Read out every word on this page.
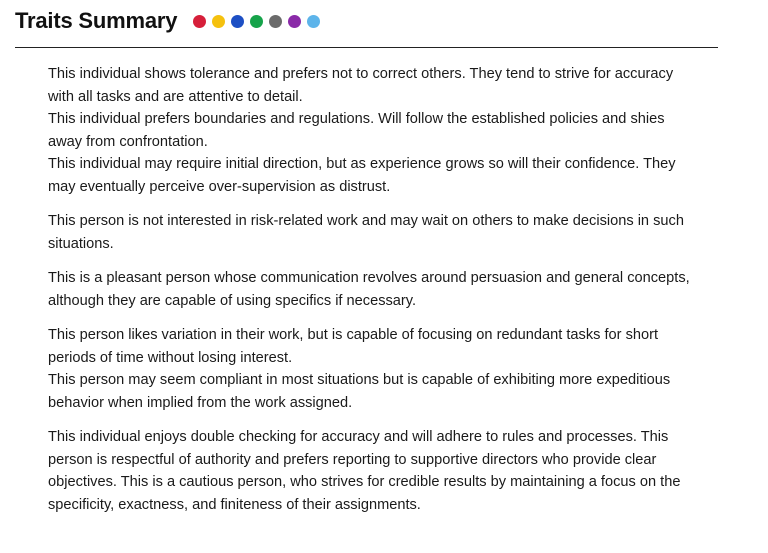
Traits Summary

This individual shows tolerance and prefers not to correct others. They tend to strive for accuracy with all tasks and are attentive to detail.
This individual prefers boundaries and regulations. Will follow the established policies and shies away from confrontation.
This individual may require initial direction, but as experience grows so will their confidence. They may eventually perceive over-supervision as distrust.

This person is not interested in risk-related work and may wait on others to make decisions in such situations.

This is a pleasant person whose communication revolves around persuasion and general concepts, although they are capable of using specifics if necessary.

This person likes variation in their work, but is capable of focusing on redundant tasks for short periods of time without losing interest.
This person may seem compliant in most situations but is capable of exhibiting more expeditious behavior when implied from the work assigned.

This individual enjoys double checking for accuracy and will adhere to rules and processes. This person is respectful of authority and prefers reporting to supportive directors who provide clear objectives. This is a cautious person, who strives for credible results by maintaining a focus on the specificity, exactness, and finiteness of their assignments.
